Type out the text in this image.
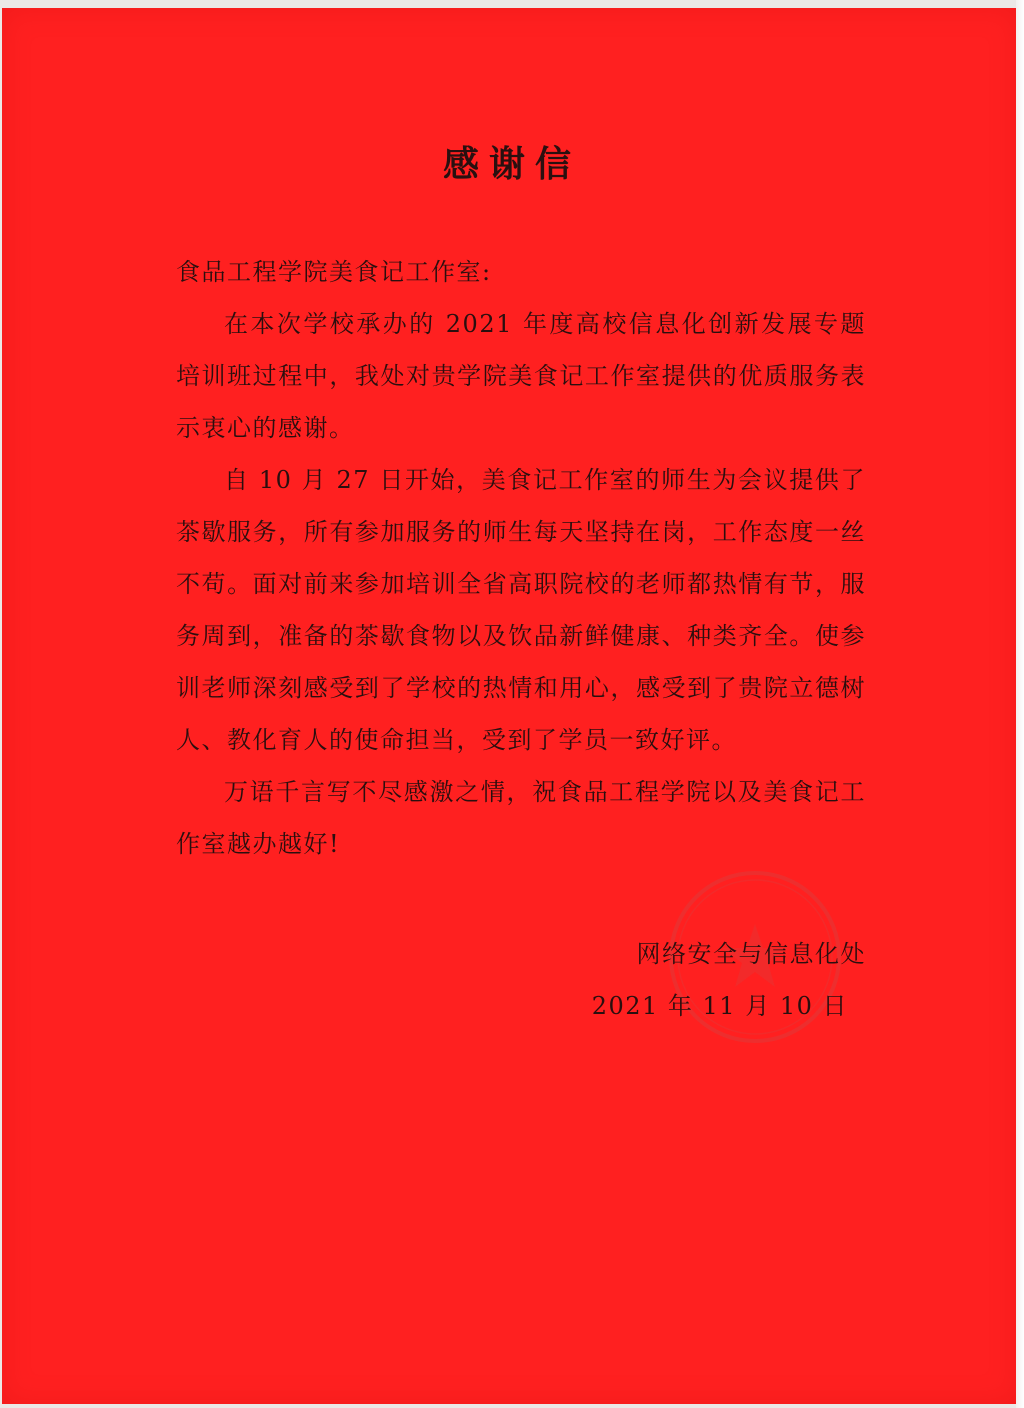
感谢信

食品工程学院美食记工作室:

在本次学校承办的 2021 年度高校信息化创新发展专题培训班过程中，我处对贵学院美食记工作室提供的优质服务表示衷心的感谢。

自 10 月 27 日开始，美食记工作室的师生为会议提供了茶歇服务，所有参加服务的师生每天坚持在岗，工作态度一丝不苟。面对前来参加培训全省高职院校的老师都热情有节，服务周到，准备的茶歇食物以及饮品新鲜健康、种类齐全。使参训老师深刻感受到了学校的热情和用心，感受到了贵院立德树人、教化育人的使命担当，受到了学员一致好评。

万语千言写不尽感激之情，祝食品工程学院以及美食记工作室越办越好!

网络安全与信息化处
2021 年 11 月 10 日
